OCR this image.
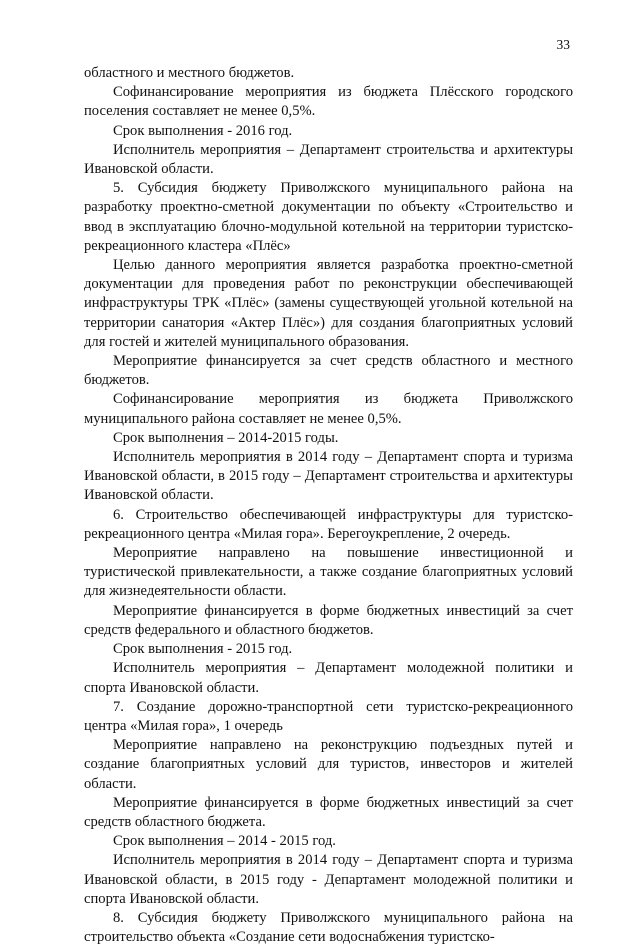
33

областного и местного бюджетов.

Софинансирование мероприятия из бюджета Плёсского городского поселения составляет не менее 0,5%.

Срок выполнения - 2016 год.

Исполнитель мероприятия – Департамент строительства и архитектуры Ивановской области.

5. Субсидия бюджету Приволжского муниципального района на разработку проектно-сметной документации по объекту «Строительство и ввод в эксплуатацию блочно-модульной котельной на территории туристско-рекреационного кластера «Плёс»

Целью данного мероприятия является разработка проектно-сметной документации для проведения работ по реконструкции обеспечивающей инфраструктуры ТРК «Плёс» (замены существующей угольной котельной на территории санатория «Актер Плёс») для создания благоприятных условий для гостей и жителей муниципального образования.

Мероприятие финансируется за счет средств областного и местного бюджетов.

Софинансирование мероприятия из бюджета Приволжского муниципального района составляет не менее 0,5%.

Срок выполнения – 2014-2015 годы.

Исполнитель мероприятия в 2014 году – Департамент спорта и туризма Ивановской области, в 2015 году – Департамент строительства и архитектуры Ивановской области.

6. Строительство обеспечивающей инфраструктуры для туристско-рекреационного центра «Милая гора». Берегоукрепление, 2 очередь.

Мероприятие направлено на повышение инвестиционной и туристической привлекательности, а также создание благоприятных условий для жизнедеятельности области.

Мероприятие финансируется в форме бюджетных инвестиций за счет средств федерального и областного бюджетов.

Срок выполнения - 2015 год.

Исполнитель мероприятия – Департамент молодежной политики и спорта Ивановской области.

7. Создание дорожно-транспортной сети туристско-рекреационного центра «Милая гора», 1 очередь

Мероприятие направлено на реконструкцию подъездных путей и создание благоприятных условий для туристов, инвесторов и жителей области.

Мероприятие финансируется в форме бюджетных инвестиций за счет средств областного бюджета.

Срок выполнения – 2014 - 2015 год.

Исполнитель мероприятия в 2014 году – Департамент спорта и туризма Ивановской области, в 2015 году - Департамент молодежной политики и спорта Ивановской области.

8. Субсидия бюджету Приволжского муниципального района на строительство объекта «Создание сети водоснабжения туристско-
